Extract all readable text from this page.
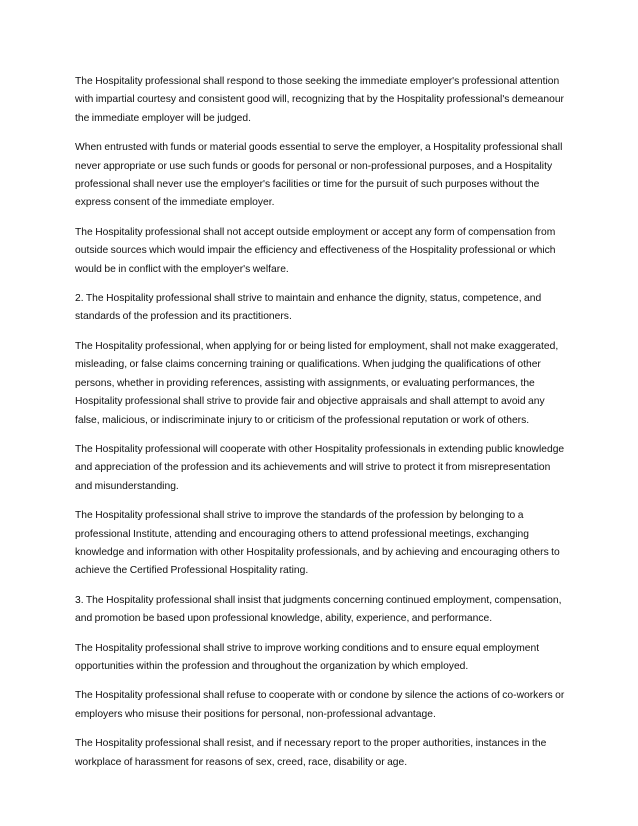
The Hospitality professional shall respond to those seeking the immediate employer's professional attention with impartial courtesy and consistent good will, recognizing that by the Hospitality professional's demeanour the immediate employer will be judged.

When entrusted with funds or material goods essential to serve the employer, a Hospitality professional shall never appropriate or use such funds or goods for personal or non-professional purposes, and a Hospitality professional shall never use the employer's facilities or time for the pursuit of such purposes without the express consent of the immediate employer.

The Hospitality professional shall not accept outside employment or accept any form of compensation from outside sources which would impair the efficiency and effectiveness of the Hospitality professional or which would be in conflict with the employer's welfare.

2. The Hospitality professional shall strive to maintain and enhance the dignity, status, competence, and standards of the profession and its practitioners.

The Hospitality professional, when applying for or being listed for employment, shall not make exaggerated, misleading, or false claims concerning training or qualifications. When judging the qualifications of other persons, whether in providing references, assisting with assignments, or evaluating performances, the Hospitality professional shall strive to provide fair and objective appraisals and shall attempt to avoid any false, malicious, or indiscriminate injury to or criticism of the professional reputation or work of others.

The Hospitality professional will cooperate with other Hospitality professionals in extending public knowledge and appreciation of the profession and its achievements and will strive to protect it from misrepresentation and misunderstanding.

The Hospitality professional shall strive to improve the standards of the profession by belonging to a professional Institute, attending and encouraging others to attend professional meetings, exchanging knowledge and information with other Hospitality professionals, and by achieving and encouraging others to achieve the Certified Professional Hospitality rating.

3. The Hospitality professional shall insist that judgments concerning continued employment, compensation, and promotion be based upon professional knowledge, ability, experience, and performance.

The Hospitality professional shall strive to improve working conditions and to ensure equal employment opportunities within the profession and throughout the organization by which employed.

The Hospitality professional shall refuse to cooperate with or condone by silence the actions of co-workers or employers who misuse their positions for personal, non-professional advantage.

The Hospitality professional shall resist, and if necessary report to the proper authorities, instances in the workplace of harassment for reasons of sex, creed, race, disability or age.
